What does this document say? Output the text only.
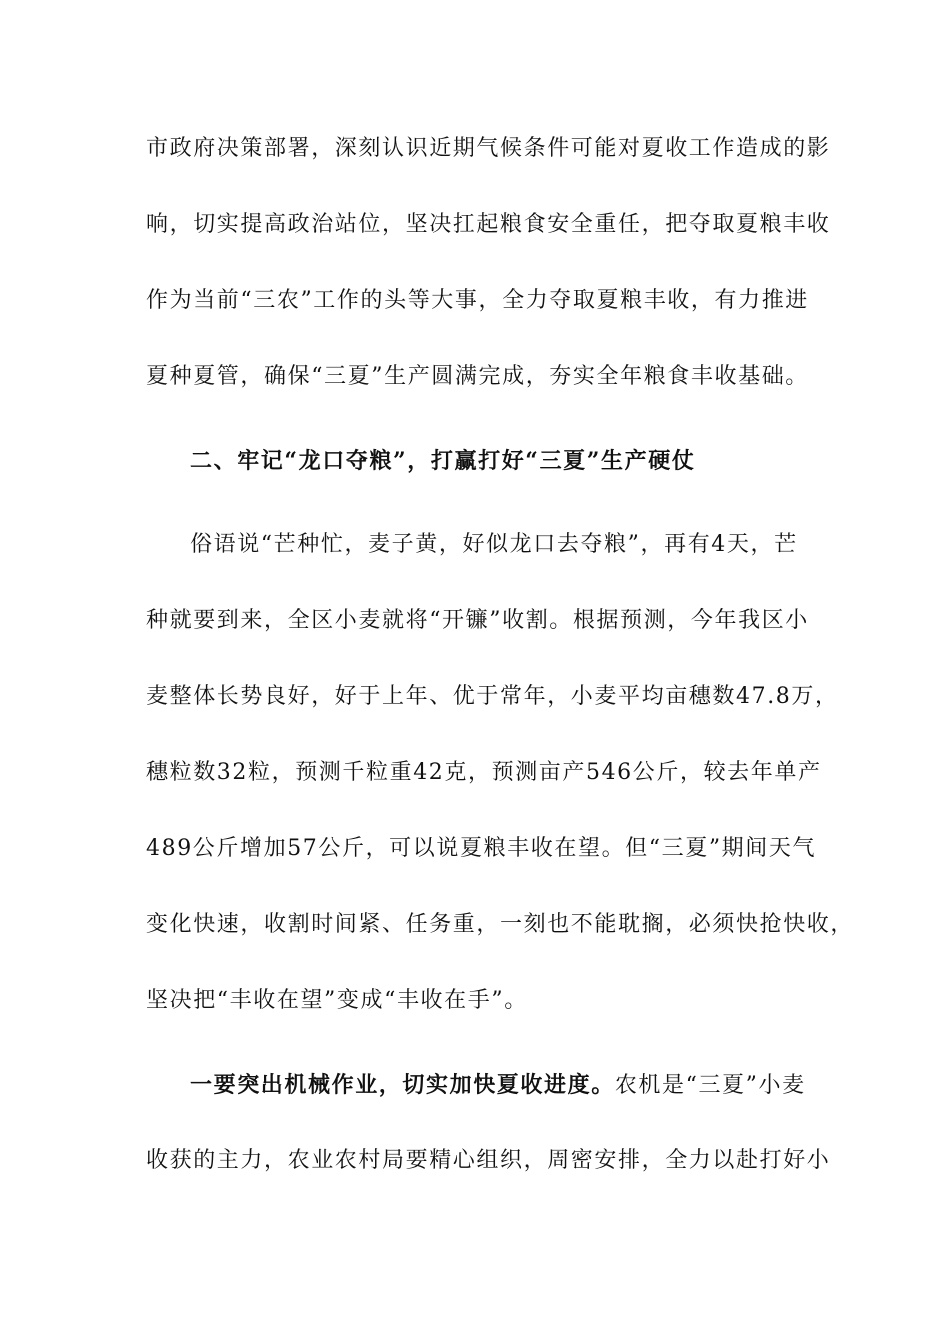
市政府决策部署，深刻认识近期气候条件可能对夏收工作造成的影
响，切实提高政治站位，坚决扛起粮食安全重任，把夺取夏粮丰收
作为当前“三农”工作的头等大事，全力夺取夏粮丰收，有力推进
夏种夏管，确保“三夏”生产圆满完成，夯实全年粮食丰收基础。
二、牢记“龙口夺粮”，打赢打好“三夏”生产硬仗
俗语说“芒种忙，麦子黄，好似龙口去夺粮”，再有4天，芒
种就要到来，全区小麦就将“开镰”收割。根据预测，今年我区小
麦整体长势良好，好于上年、优于常年，小麦平均亩穗数47.8万，
穗粒数32粒，预测千粒重42克，预测亩产546公斤，较去年单产
489公斤增加57公斤，可以说夏粮丰收在望。但“三夏”期间天气
变化快速，收割时间紧、任务重，一刻也不能耽搁，必须快抢快收，
坚决把“丰收在望”变成“丰收在手”。
一要突出机械作业，切实加快夏收进度。农机是“三夏”小麦
收获的主力，农业农村局要精心组织，周密安排，全力以赴打好小
